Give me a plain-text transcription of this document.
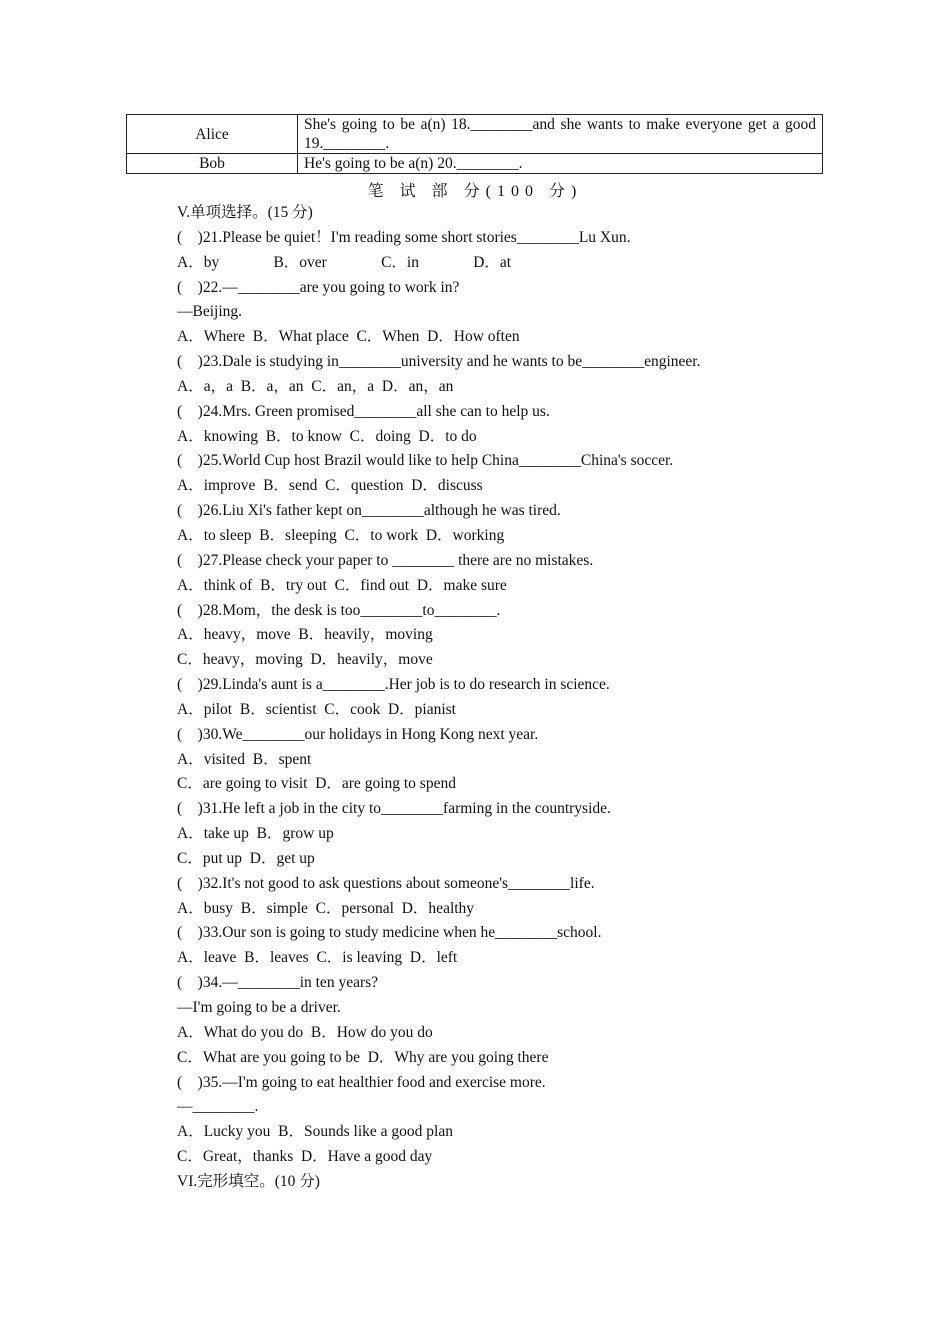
Alice	She's going to be a(n) 18.________and she wants to make everyone get a good 19.________.
Bob	He's going to be a(n) 20.________.
笔 试 部 分(100 分)
V.单项选择。(15 分)
(    )21.Please be quiet！I'm reading some short stories________Lu Xun.
A．by              B．over              C．in              D．at
(    )22.—________are you going to work in?
—Beijing.
A．Where  B．What place  C．When  D．How often
(    )23.Dale is studying in________university and he wants to be________engineer.
A．a，a  B．a，an  C．an，a  D．an，an
(    )24.Mrs. Green promised________all she can to help us.
A．knowing  B．to know  C．doing  D．to do
(    )25.World Cup host Brazil would like to help China________China's soccer.
A．improve  B．send  C．question  D．discuss
(    )26.Liu Xi's father kept on________although he was tired.
A．to sleep  B．sleeping  C．to work  D．working
(    )27.Please check your paper to ________ there are no mistakes.
A．think of  B．try out  C．find out  D．make sure
(    )28.Mom，the desk is too________to________.
A．heavy，move  B．heavily，moving
C．heavy，moving  D．heavily，move
(    )29.Linda's aunt is a________.Her job is to do research in science.
A．pilot  B．scientist  C．cook  D．pianist
(    )30.We________our holidays in Hong Kong next year.
A．visited  B．spent
C．are going to visit  D．are going to spend
(    )31.He left a job in the city to________farming in the countryside.
A．take up  B．grow up
C．put up  D．get up
(    )32.It's not good to ask questions about someone's________life.
A．busy  B．simple  C．personal  D．healthy
(    )33.Our son is going to study medicine when he________school.
A．leave  B．leaves  C．is leaving  D．left
(    )34.—________in ten years?
—I'm going to be a driver.
A．What do you do  B．How do you do
C．What are you going to be  D．Why are you going there
(    )35.—I'm going to eat healthier food and exercise more.
—________.
A．Lucky you  B．Sounds like a good plan
C．Great，thanks  D．Have a good day
VI.完形填空。(10 分)
